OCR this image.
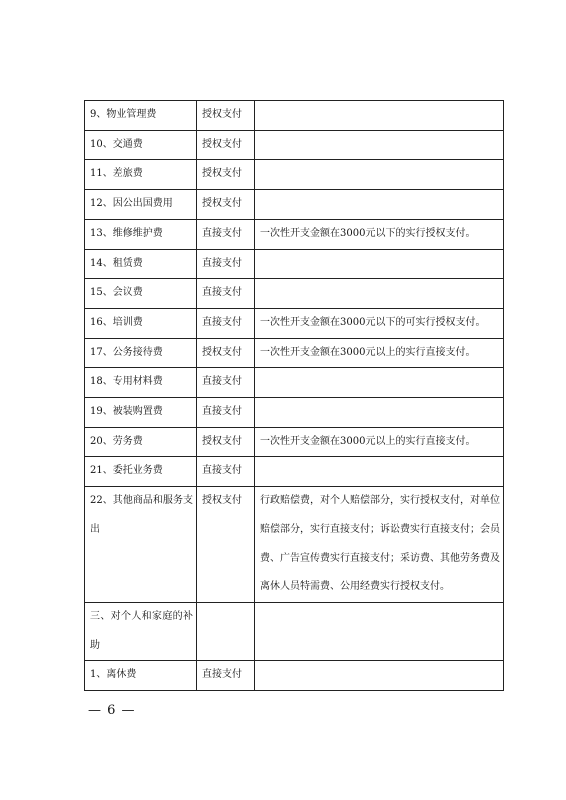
9、物业管理费	授权支付	
10、交通费	授权支付	
11、差旅费	授权支付	
12、因公出国费用	授权支付	
13、维修维护费	直接支付	一次性开支金额在3000元以下的实行授权支付。
14、租赁费	直接支付	
15、会议费	直接支付	
16、培训费	直接支付	一次性开支金额在3000元以下的可实行授权支付。
17、公务接待费	授权支付	一次性开支金额在3000元以上的实行直接支付。
18、专用材料费	直接支付	
19、被装购置费	直接支付	
20、劳务费	授权支付	一次性开支金额在3000元以上的实行直接支付。
21、委托业务费	直接支付	
22、其他商品和服务支出	授权支付	行政赔偿费，对个人赔偿部分，实行授权支付，对单位赔偿部分，实行直接支付；诉讼费实行直接支付；会员费、广告宣传费实行直接支付；采访费、其他劳务费及离休人员特需费、公用经费实行授权支付。
三、对个人和家庭的补助		
1、离休费	直接支付	
— 6 —
